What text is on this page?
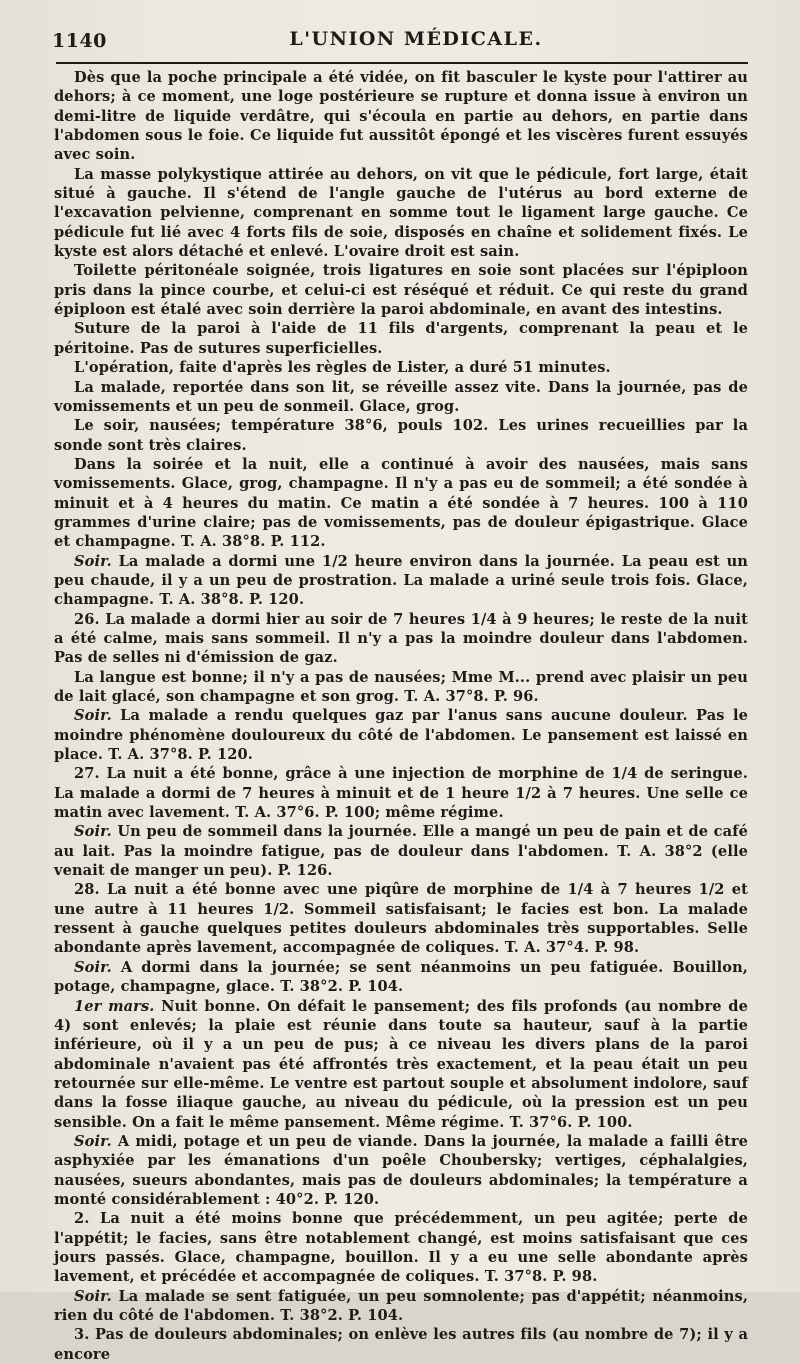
1140	L'UNION MÉDICALE.

Dès que la poche principale a été vidée, on fit basculer le kyste pour l'attirer au dehors; à ce moment, une loge postérieure se rupture et donna issue à environ un demi-litre de liquide verdâtre, qui s'écoula en partie au dehors, en partie dans l'abdomen sous le foie. Ce liquide fut aussitôt épongé et les viscères furent essuyés avec soin.

La masse polykystique attirée au dehors, on vit que le pédicule, fort large, était situé à gauche. Il s'étend de l'angle gauche de l'utérus au bord externe de l'excavation pelvienne, comprenant en somme tout le ligament large gauche. Ce pédicule fut lié avec 4 forts fils de soie, disposés en chaîne et solidement fixés. Le kyste est alors détaché et enlevé. L'ovaire droit est sain.

Toilette péritonéale soignée, trois ligatures en soie sont placées sur l'épiploon pris dans la pince courbe, et celui-ci est réséqué et réduit. Ce qui reste du grand épiploon est étalé avec soin derrière la paroi abdominale, en avant des intestins.

Suture de la paroi à l'aide de 11 fils d'argents, comprenant la peau et le péritoine. Pas de sutures superficielles.

L'opération, faite d'après les règles de Lister, a duré 51 minutes.

La malade, reportée dans son lit, se réveille assez vite. Dans la journée, pas de vomissements et un peu de sonmeil. Glace, grog.

Le soir, nausées; température 38°6, pouls 102. Les urines recueillies par la sonde sont très claires.

Dans la soirée et la nuit, elle a continué à avoir des nausées, mais sans vomissements. Glace, grog, champagne. Il n'y a pas eu de sommeil; a été sondée à minuit et à 4 heures du matin. Ce matin a été sondée à 7 heures. 100 à 110 grammes d'urine claire; pas de vomissements, pas de douleur épigastrique. Glace et champagne. T. A. 38°8. P. 112.

Soir. La malade a dormi une 1/2 heure environ dans la journée. La peau est un peu chaude, il y a un peu de prostration. La malade a uriné seule trois fois. Glace, champagne. T. A. 38°8. P. 120.

26. La malade a dormi hier au soir de 7 heures 1/4 à 9 heures; le reste de la nuit a été calme, mais sans sommeil. Il n'y a pas la moindre douleur dans l'abdomen. Pas de selles ni d'émission de gaz.

La langue est bonne; il n'y a pas de nausées; Mme M... prend avec plaisir un peu de lait glacé, son champagne et son grog. T. A. 37°8. P. 96.

Soir. La malade a rendu quelques gaz par l'anus sans aucune douleur. Pas le moindre phénomène douloureux du côté de l'abdomen. Le pansement est laissé en place. T. A. 37°8. P. 120.

27. La nuit a été bonne, grâce à une injection de morphine de 1/4 de seringue. La malade a dormi de 7 heures à minuit et de 1 heure 1/2 à 7 heures. Une selle ce matin avec lavement. T. A. 37°6. P. 100; même régime.

Soir. Un peu de sommeil dans la journée. Elle a mangé un peu de pain et de café au lait. Pas la moindre fatigue, pas de douleur dans l'abdomen. T. A. 38°2 (elle venait de manger un peu). P. 126.

28. La nuit a été bonne avec une piqûre de morphine de 1/4 à 7 heures 1/2 et une autre à 11 heures 1/2. Sommeil satisfaisant; le facies est bon. La malade ressent à gauche quelques petites douleurs abdominales très supportables. Selle abondante après lavement, accompagnée de coliques. T. A. 37°4. P. 98.

Soir. A dormi dans la journée; se sent néanmoins un peu fatiguée. Bouillon, potage, champagne, glace. T. 38°2. P. 104.

1er mars. Nuit bonne. On défait le pansement; des fils profonds (au nombre de 4) sont enlevés; la plaie est réunie dans toute sa hauteur, sauf à la partie inférieure, où il y a un peu de pus; à ce niveau les divers plans de la paroi abdominale n'avaient pas été affrontés très exactement, et la peau était un peu retournée sur elle-même. Le ventre est partout souple et absolument indolore, sauf dans la fosse iliaque gauche, au niveau du pédicule, où la pression est un peu sensible. On a fait le même pansement. Même régime. T. 37°6. P. 100.

Soir. A midi, potage et un peu de viande. Dans la journée, la malade a failli être asphyxiée par les émanations d'un poêle Choubersky; vertiges, céphalalgies, nausées, sueurs abondantes, mais pas de douleurs abdominales; la température a monté considérablement : 40°2. P. 120.

2. La nuit a été moins bonne que précédemment, un peu agitée; perte de l'appétit; le facies, sans être notablement changé, est moins satisfaisant que ces jours passés. Glace, champagne, bouillon. Il y a eu une selle abondante après lavement, et précédée et accompagnée de coliques. T. 37°8. P. 98.

Soir. La malade se sent fatiguée, un peu somnolente; pas d'appétit; néanmoins, rien du côté de l'abdomen. T. 38°2. P. 104.

3. Pas de douleurs abdominales; on enlève les autres fils (au nombre de 7); il y a encore
